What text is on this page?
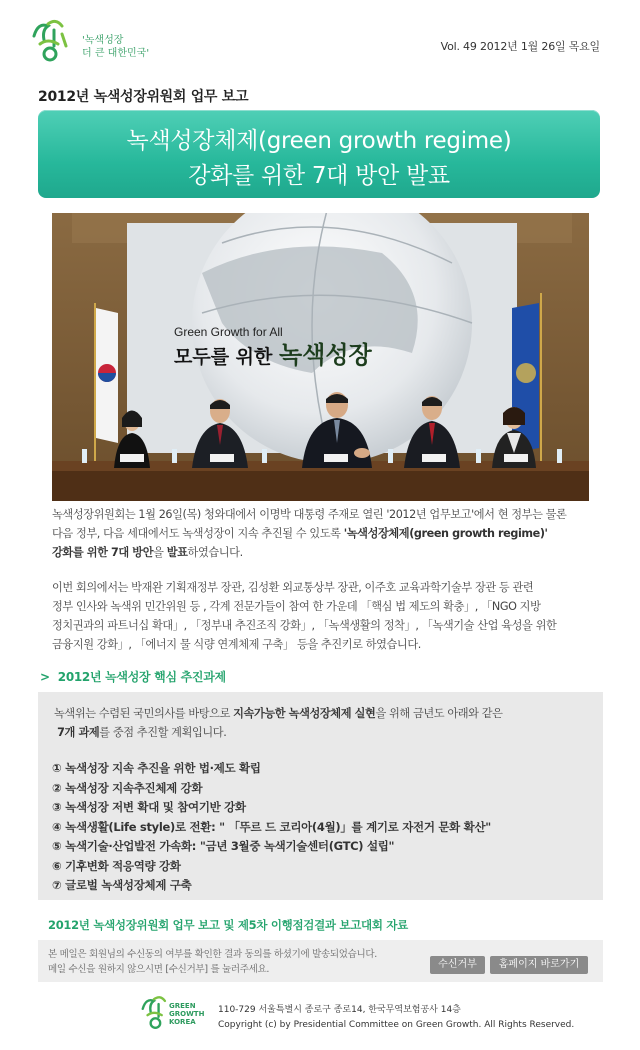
'녹색성장
더 큰 대한민국'
Vol. 49 2012년 1월 26일 목요일
2012년 녹색성장위원회 업무 보고
녹색성장체제(green growth regime)
강화를 위한 7대 방안 발표
Green Growth for All
모두를 위한 녹색성장

녹색성장위원회는 1월 26일(목) 청와대에서 이명박 대통령 주재로 열린 '2012년 업무보고'에서 현 정부는 물론

다음 정부, 다음 세대에서도 녹색성장이 지속 추진될 수 있도록 '녹색성장체제(green growth regime)'

강화를 위한 7대 방안을 발표하였습니다.

이번 회의에서는 박재완 기획재정부 장관, 김성환 외교통상부 장관, 이주호 교육과학기술부 장관 등 관련

정부 인사와 녹색위 민간위원 등 , 각계 전문가들이 참여 한 가운데 「핵심 법 제도의 확충」, 「NGO 지방

정치권과의 파트너십 확대」, 「정부내 추진조직 강화」, 「녹색생활의 정착」, 「녹색기술 산업 육성을 위한

금융지원 강화」, 「에너지 물 식량 연계체제 구축」 등을 추진키로 하였습니다.

> 2012년 녹색성장 핵심 추진과제

녹색위는 수렴된 국민의사를 바탕으로 지속가능한 녹색성장체제 실현을 위해 금년도 아래와 같은

7개 과제를 중점 추진할 계획입니다.

① 녹색성장 지속 추진을 위한 법·제도 확립
② 녹색성장 지속추진체제 강화
③ 녹색성장 저변 확대 및 참여기반 강화
④ 녹색생활(Life style)로 전환: " 「뚜르 드 코리아(4월)」를 계기로 자전거 문화 확산"
⑤ 녹색기술·산업발전 가속화: "금년 3월중 녹색기술센터(GTC) 설립"
⑥ 기후변화 적응역량 강화
⑦ 글로벌 녹색성장체제 구축
2012년 녹색성장위원회 업무 보고 및 제5차 이행점검결과 보고대회 자료

본 메일은 회원님의 수신동의 여부를 확인한 결과 동의를 하셨기에 발송되었습니다.

메일 수신을 원하지 않으시면 [수신거부] 를 눌러주세요.	수신거부	홈페이지 바로가기
GREEN
GROWTH
KOREA

110-729 서울특별시 종로구 종로14, 한국무역보험공사 14층

Copyright (c) by Presidential Committee on Green Growth. All Rights Reserved.
